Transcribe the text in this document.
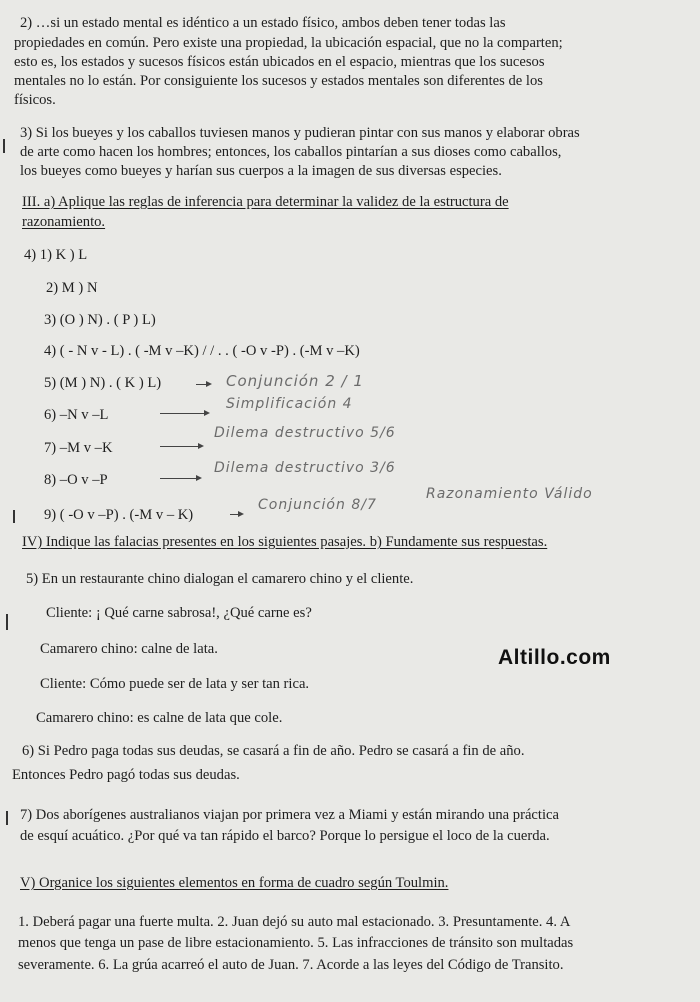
2) …si un estado mental es idéntico a un estado físico, ambos deben tener todas las

propiedades en común. Pero existe una propiedad, la ubicación espacial, que no la comparten;

esto es, los estados y sucesos físicos están ubicados en el espacio, mientras que los sucesos

mentales no lo están. Por consiguiente los sucesos y estados mentales son diferentes de los

físicos.

3) Si los bueyes y los caballos tuviesen manos y pudieran pintar con sus manos y elaborar obras

de arte como hacen los hombres; entonces, los caballos pintarían a sus dioses como caballos,

los bueyes como bueyes y harían sus cuerpos a la imagen de sus diversas especies.

III. a) Aplique las reglas de inferencia para determinar la validez de la estructura de

razonamiento.

4) 1) K ) L

2) M ) N

3) (O ) N) . ( P ) L)

4) ( - N v - L) . ( -M v –K) / / . . ( -O v -P) . (-M v –K)

5) (M ) N) . ( K ) L)

6) –N v –L

7) –M v –K

8) –O v –P

9) ( -O v –P) . (-M v – K)

Conjunción 2 / 1

Simplificación 4

Dilema destructivo 5/6

Dilema destructivo 3/6

Conjunción 8/7

Razonamiento Válido

IV) Indique las falacias presentes en los siguientes pasajes. b) Fundamente sus respuestas.

5) En un restaurante chino dialogan el camarero chino y el cliente.

Cliente: ¡ Qué carne sabrosa!, ¿Qué carne es?

Camarero chino: calne de lata.

Cliente: Cómo puede ser de lata y ser tan rica.

Camarero chino: es calne de lata que cole.

Altillo.com

6) Si Pedro paga todas sus deudas, se casará a fin de año. Pedro se casará a fin de año.

Entonces Pedro pagó todas sus deudas.

7) Dos aborígenes australianos viajan por primera vez a Miami y están mirando una práctica

de esquí acuático. ¿Por qué va tan rápido el barco? Porque lo persigue el loco de la cuerda.

V) Organice los siguientes elementos en forma de cuadro según Toulmin.

1. Deberá pagar una fuerte multa. 2. Juan dejó su auto mal estacionado. 3. Presuntamente. 4. A

menos que tenga un pase de libre estacionamiento. 5. Las infracciones de tránsito son multadas

severamente. 6. La grúa acarreó el auto de Juan. 7. Acorde a las leyes del Código de Transito.
